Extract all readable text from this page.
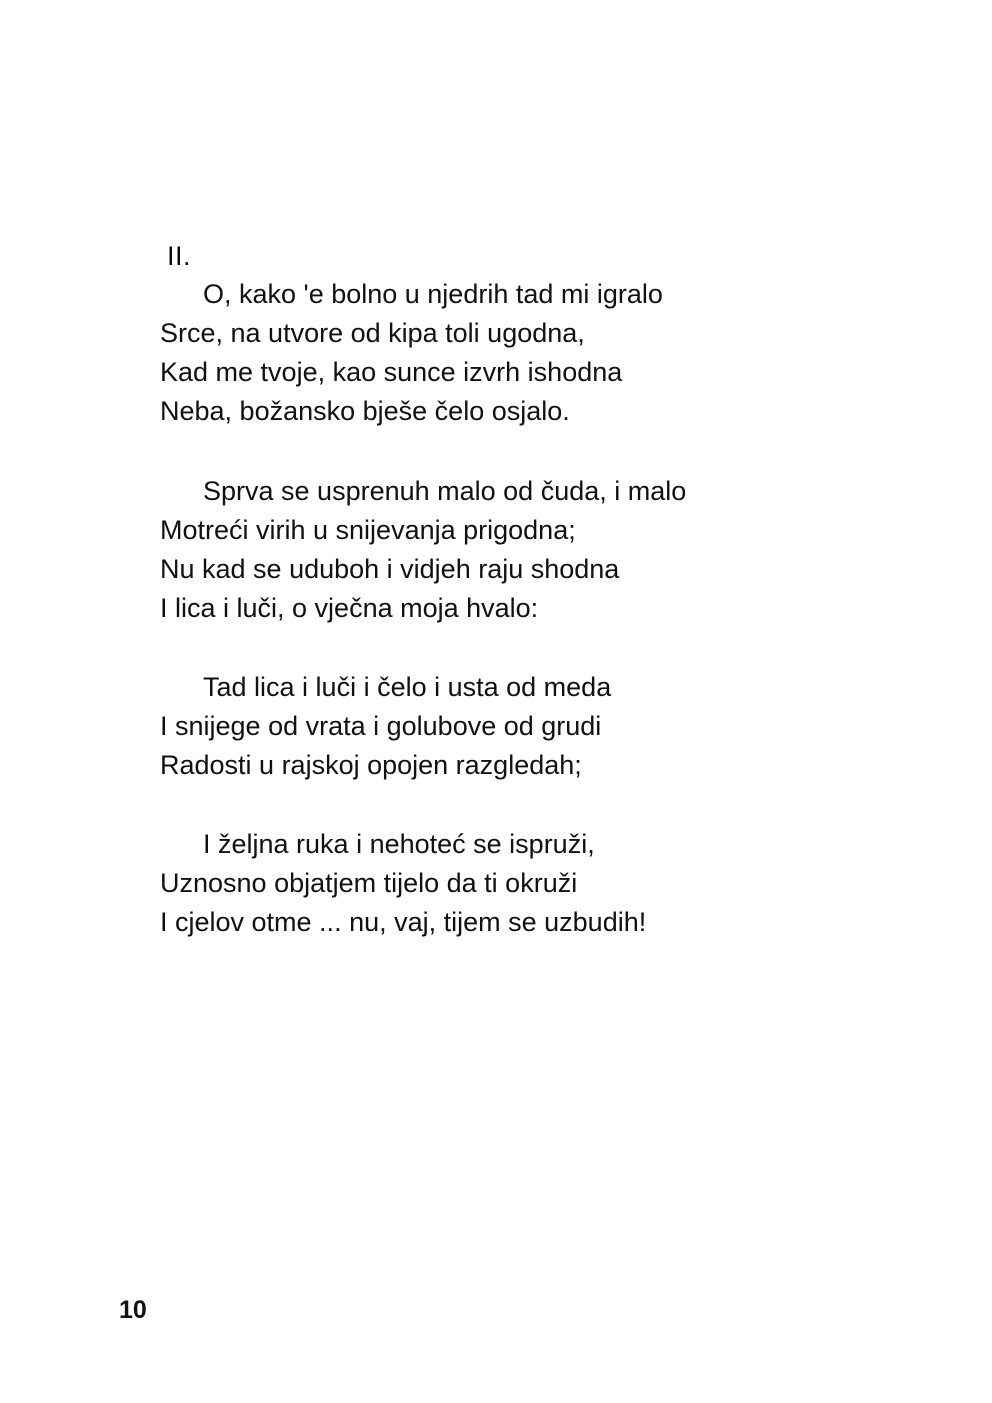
II.

O, kako 'e bolno u njedrih tad mi igralo
Srce, na utvore od kipa toli ugodna,
Kad me tvoje, kao sunce izvrh ishodna
Neba, božansko bješe čelo osjalo.
Sprva se usprenuh malo od čuda, i malo
Motreći virih u snijevanja prigodna;
Nu kad se uduboh i vidjeh raju shodna
I lica i luči, o vječna moja hvalo:
Tad lica i luči i čelo i usta od meda
I snijege od vrata i golubove od grudi
Radosti u rajskoj opojen razgledah;
I željna ruka i nehoteć se ispruži,
Uznosno objatjem tijelo da ti okruži
I cjelov otme ... nu, vaj, tijem se uzbudih!

10
